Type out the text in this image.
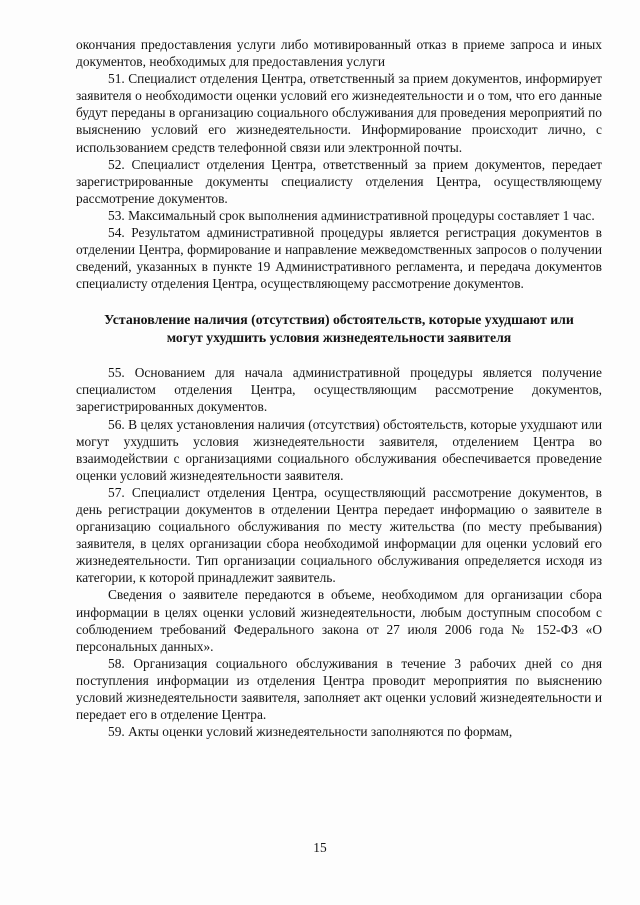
окончания предоставления услуги либо мотивированный отказ в приеме запроса и иных документов, необходимых для предоставления услуги

51. Специалист отделения Центра, ответственный за прием документов, информирует заявителя о необходимости оценки условий его жизнедеятельности и о том, что его данные будут переданы в организацию социального обслуживания для проведения мероприятий по выяснению условий его жизнедеятельности. Информирование происходит лично, с использованием средств телефонной связи или электронной почты.

52. Специалист отделения Центра, ответственный за прием документов, передает зарегистрированные документы специалисту отделения Центра, осуществляющему рассмотрение документов.

53. Максимальный срок выполнения административной процедуры составляет 1 час.

54. Результатом административной процедуры является регистрация документов в отделении Центра, формирование и направление межведомственных запросов о получении сведений, указанных в пункте 19 Административного регламента, и передача документов специалисту отделения Центра, осуществляющему рассмотрение документов.

Установление наличия (отсутствия) обстоятельств, которые ухудшают или
могут ухудшить условия жизнедеятельности заявителя

55. Основанием для начала административной процедуры является получение специалистом отделения Центра, осуществляющим рассмотрение документов, зарегистрированных документов.

56. В целях установления наличия (отсутствия) обстоятельств, которые ухудшают или могут ухудшить условия жизнедеятельности заявителя, отделением Центра во взаимодействии с организациями социального обслуживания обеспечивается проведение оценки условий жизнедеятельности заявителя.

57. Специалист отделения Центра, осуществляющий рассмотрение документов, в день регистрации документов в отделении Центра передает информацию о заявителе в организацию социального обслуживания по месту жительства (по месту пребывания) заявителя, в целях организации сбора необходимой информации для оценки условий его жизнедеятельности. Тип организации социального обслуживания определяется исходя из категории, к которой принадлежит заявитель.

Сведения о заявителе передаются в объеме, необходимом для организации сбора информации в целях оценки условий жизнедеятельности, любым доступным способом с соблюдением требований Федерального закона от 27 июля 2006 года № 152-ФЗ «О персональных данных».

58. Организация социального обслуживания в течение 3 рабочих дней со дня поступления информации из отделения Центра проводит мероприятия по выяснению условий жизнедеятельности заявителя, заполняет акт оценки условий жизнедеятельности и передает его в отделение Центра.

59. Акты оценки условий жизнедеятельности заполняются по формам,

15
